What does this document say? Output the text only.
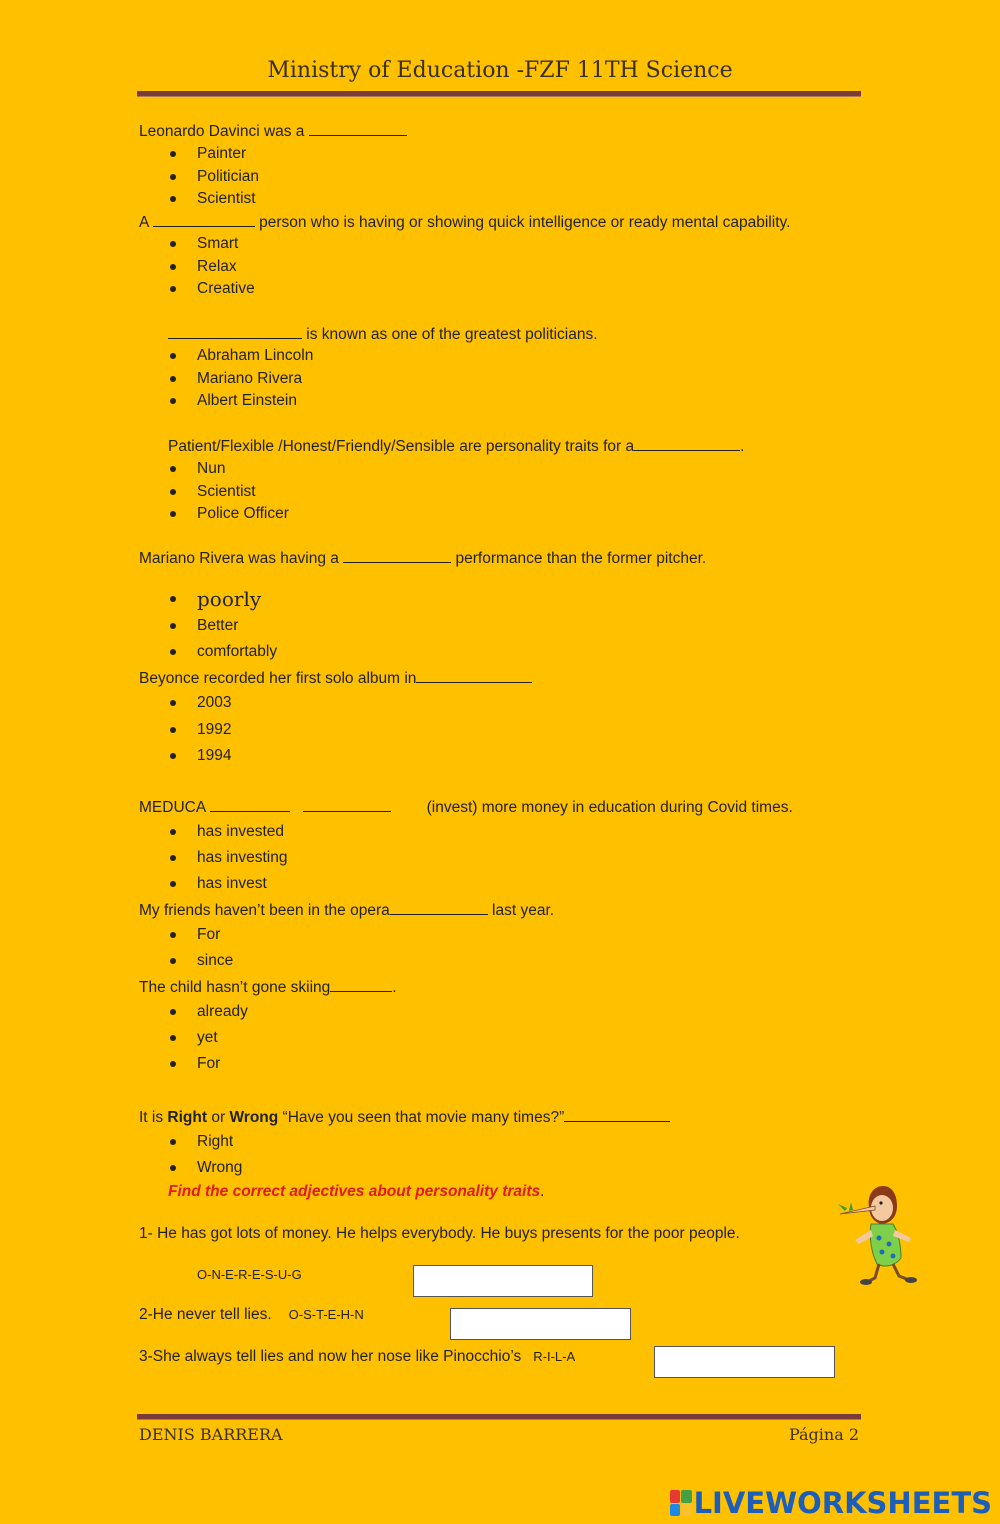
Ministry of Education -FZF 11TH Science
Leonardo Davinci was a
Painter
Politician
Scientist
A	person who is having or showing quick intelligence or ready mental capability.
Smart
Relax
Creative
is known as one of the greatest politicians.
Abraham Lincoln
Mariano Rivera
Albert Einstein
Patient/Flexible /Honest/Friendly/Sensible are personality traits for a	.
Nun
Scientist
Police Officer
Mariano Rivera was having a	performance than the former pitcher.
poorly
Better
comfortably
Beyonce recorded her first solo album in
2003
1992
1994
MEDUCA	(invest) more money in education during Covid times.
has invested
has investing
has invest
My friends haven’t been in the opera	last year.
For
since
The child hasn’t gone skiing	.
already
yet
For
It is Right or Wrong “Have you seen that movie many times?”
Right
Wrong
Find the correct adjectives about personality traits.
1- He has got lots of money. He helps everybody. He buys presents for the poor people.
O-N-E-R-E-S-U-G
2-He never tell lies. O-S-T-E-H-N
3-She always tell lies and now her nose like Pinocchio’s R-I-L-A
DENIS BARRERA	Página 2
LIVEWORKSHEETS
